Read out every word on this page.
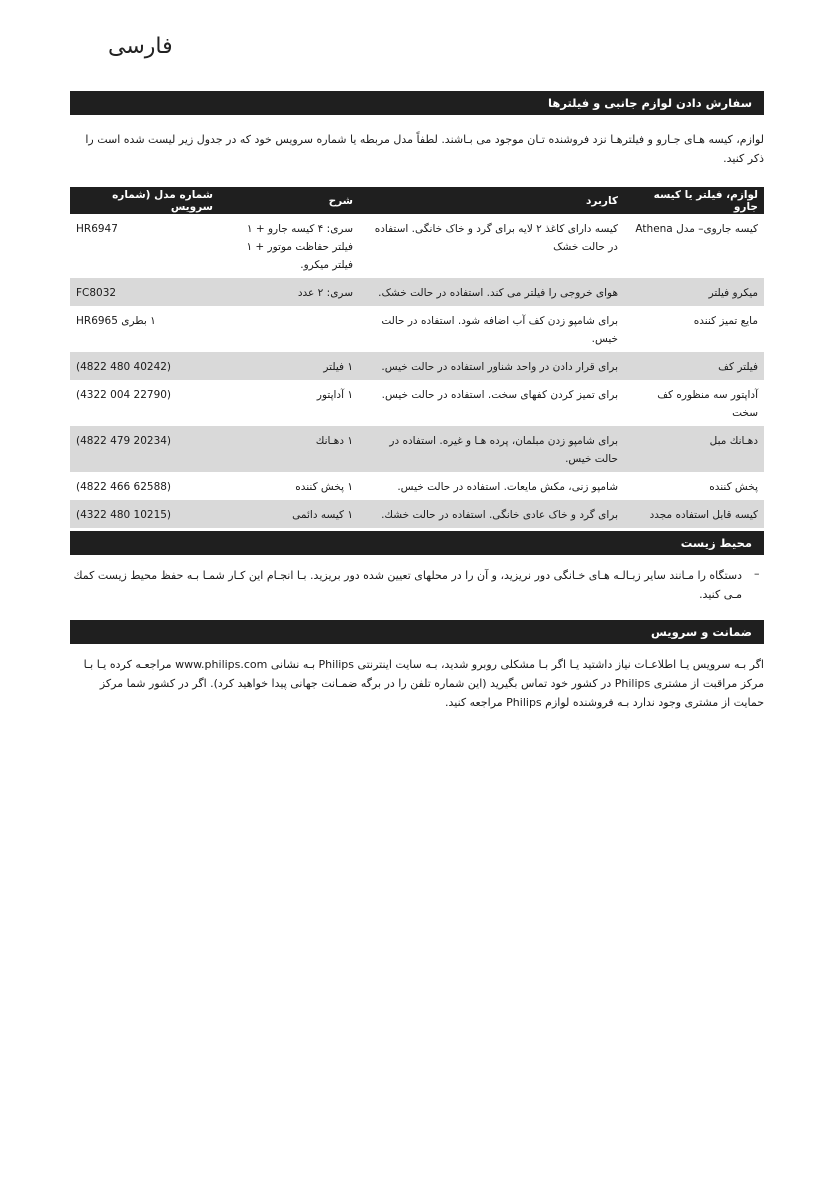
فارسی
سفارش دادن لوازم جانبی و فیلترها
لوازم، کیسه هـای جـارو و فیلترهـا نزد فروشنده تـان موجود می بـاشند. لطفاً مدل مربطه یا شماره سرویس خود که در جدول زیر لیست شده است را ذکر کنید.
لوازم، فیلتر یا کیسه جارو	کاربرد	شرح	شماره مدل (شماره سرویس
کیسه جاروی– مدل Athena	کیسه دارای کاغذ ۲ لایه برای گرد و خاک خانگی. استفاده در حالت خشک	سری: ۴ کیسه جارو + ۱ فیلتر حفاظت موتور + ۱ فیلتر میکرو.	HR6947
میکرو فیلتر	هوای خروجی را فیلتر می کند. استفاده در حالت خشک.	سری: ۲ عدد	FC8032
مایع تمیز کننده	برای شامپو زدن کف آب اضافه شود. استفاده در حالت خیس.		۱ بطری HR6965
فیلتر کف	برای قرار دادن در واحد شناور استفاده در حالت خیس.	۱ فیلتر	(4822 480 40242)
آداپتور سه منظوره کف سخت	برای تمیز کردن کفهای سخت. استفاده در حالت خیس.	۱ آداپتور	(4322 004 22790)
دهـانك مبل	برای شامپو زدن مبلمان، پرده هـا و غیره. استفاده در حالت خیس.	۱ دهـانك	(4822 479 20234)
پخش کننده	شامپو زنی، مکش مایعات. استفاده در حالت خیس.	۱ پخش کننده	(4822 466 62588)
کیسه قابل استفاده مجدد	برای گرد و خاک عادی خانگی. استفاده در حالت خشك.	۱ کیسه دائمی	(4322 480 10215)
محیط زیست
–
دستگاه را مـانند سایر زبـالـه هـای خـانگی دور نریزید، و آن را در محلهای تعیین شده دور بریزید. بـا انجـام این کـار شمـا بـه حفظ محیط زیست کمك مـی کنید.
ضمانت و سرویس
اگر بـه سرویس یـا اطلاعـات نیاز داشتید یـا اگر بـا مشکلی روبرو شدید، بـه سایت اینترنتی Philips بـه نشانی www.philips.com مراجعـه کرده یـا بـا مرکز مراقبت از مشتری Philips در کشور خود تماس بگیرید (این شماره تلفن را در برگه ضمـانت جهانی پیدا خواهید کرد). اگر در کشور شما مرکز حمایت از مشتری وجود ندارد بـه فروشنده لوازم Philips مراجعه کنید.
